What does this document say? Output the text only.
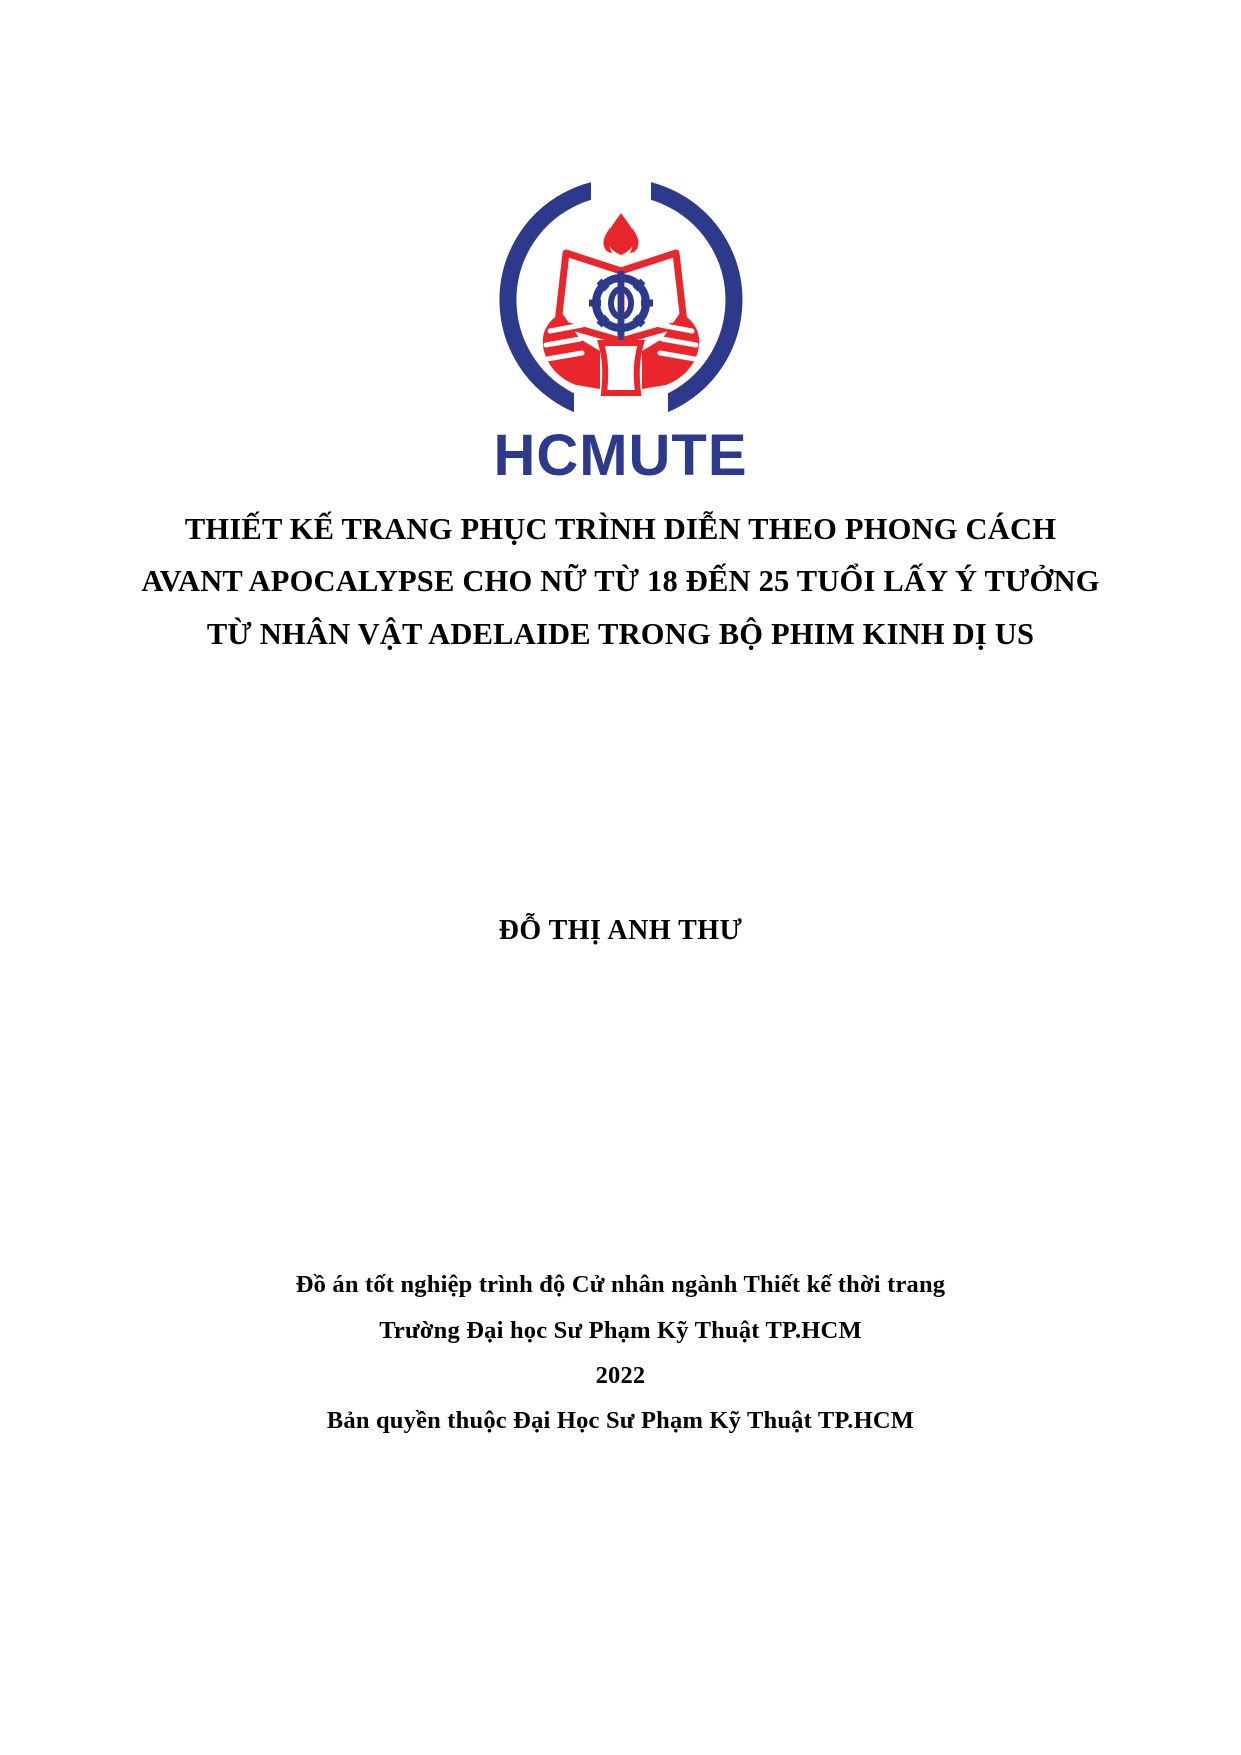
HCMUTE
THIẾT KẾ TRANG PHỤC TRÌNH DIỄN THEO PHONG CÁCH
AVANT APOCALYPSE CHO NỮ TỪ 18 ĐẾN 25 TUỔI LẤY Ý TƯỞNG
TỪ NHÂN VẬT ADELAIDE TRONG BỘ PHIM KINH DỊ US
ĐỖ THỊ ANH THƯ
Đồ án tốt nghiệp trình độ Cử nhân ngành Thiết kế thời trang
Trường Đại học Sư Phạm Kỹ Thuật TP.HCM
2022
Bản quyền thuộc Đại Học Sư Phạm Kỹ Thuật TP.HCM
